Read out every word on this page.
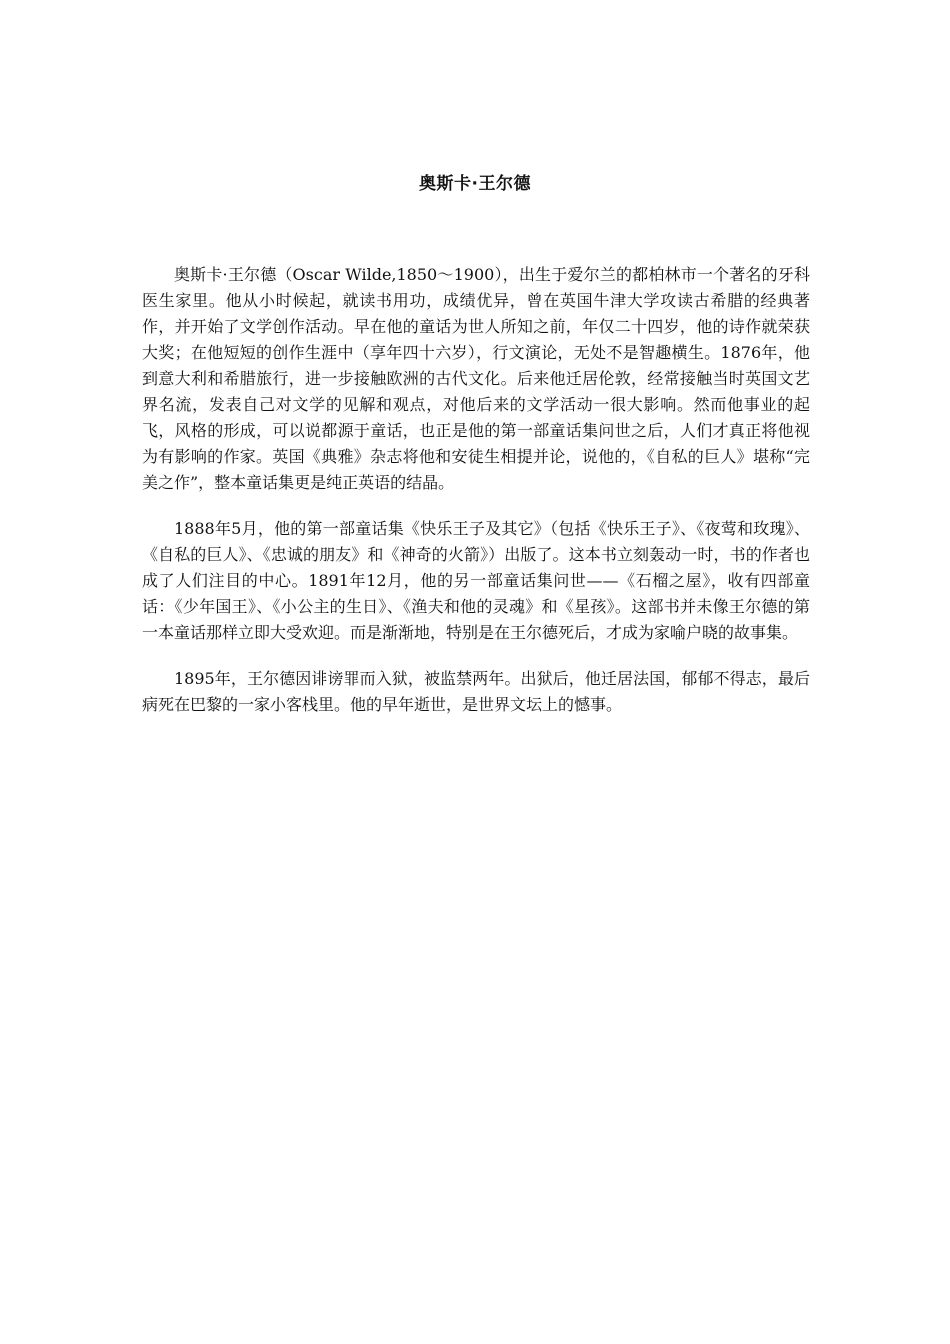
奥斯卡·王尔德

奥斯卡·王尔德（Oscar Wilde,1850～1900），出生于爱尔兰的都柏林市一个著名的牙科医生家里。他从小时候起，就读书用功，成绩优异，曾在英国牛津大学攻读古希腊的经典著作，并开始了文学创作活动。早在他的童话为世人所知之前，年仅二十四岁，他的诗作就荣获大奖；在他短短的创作生涯中（享年四十六岁），行文演论，无处不是智趣横生。1876年，他到意大利和希腊旅行，进一步接触欧洲的古代文化。后来他迁居伦敦，经常接触当时英国文艺界名流，发表自己对文学的见解和观点，对他后来的文学活动一很大影响。然而他事业的起飞，风格的形成，可以说都源于童话，也正是他的第一部童话集问世之后，人们才真正将他视为有影响的作家。英国《典雅》杂志将他和安徒生相提并论，说他的，《自私的巨人》堪称“完美之作”，整本童话集更是纯正英语的结晶。

1888年5月，他的第一部童话集《快乐王子及其它》（包括《快乐王子》、《夜莺和玫瑰》、《自私的巨人》、《忠诚的朋友》和《神奇的火箭》）出版了。这本书立刻轰动一时，书的作者也成了人们注目的中心。1891年12月，他的另一部童话集问世——《石榴之屋》，收有四部童话：《少年国王》、《小公主的生日》、《渔夫和他的灵魂》和《星孩》。这部书并未像王尔德的第一本童话那样立即大受欢迎。而是渐渐地，特别是在王尔德死后，才成为家喻户晓的故事集。

1895年，王尔德因诽谤罪而入狱，被监禁两年。出狱后，他迁居法国，郁郁不得志，最后病死在巴黎的一家小客栈里。他的早年逝世，是世界文坛上的憾事。
